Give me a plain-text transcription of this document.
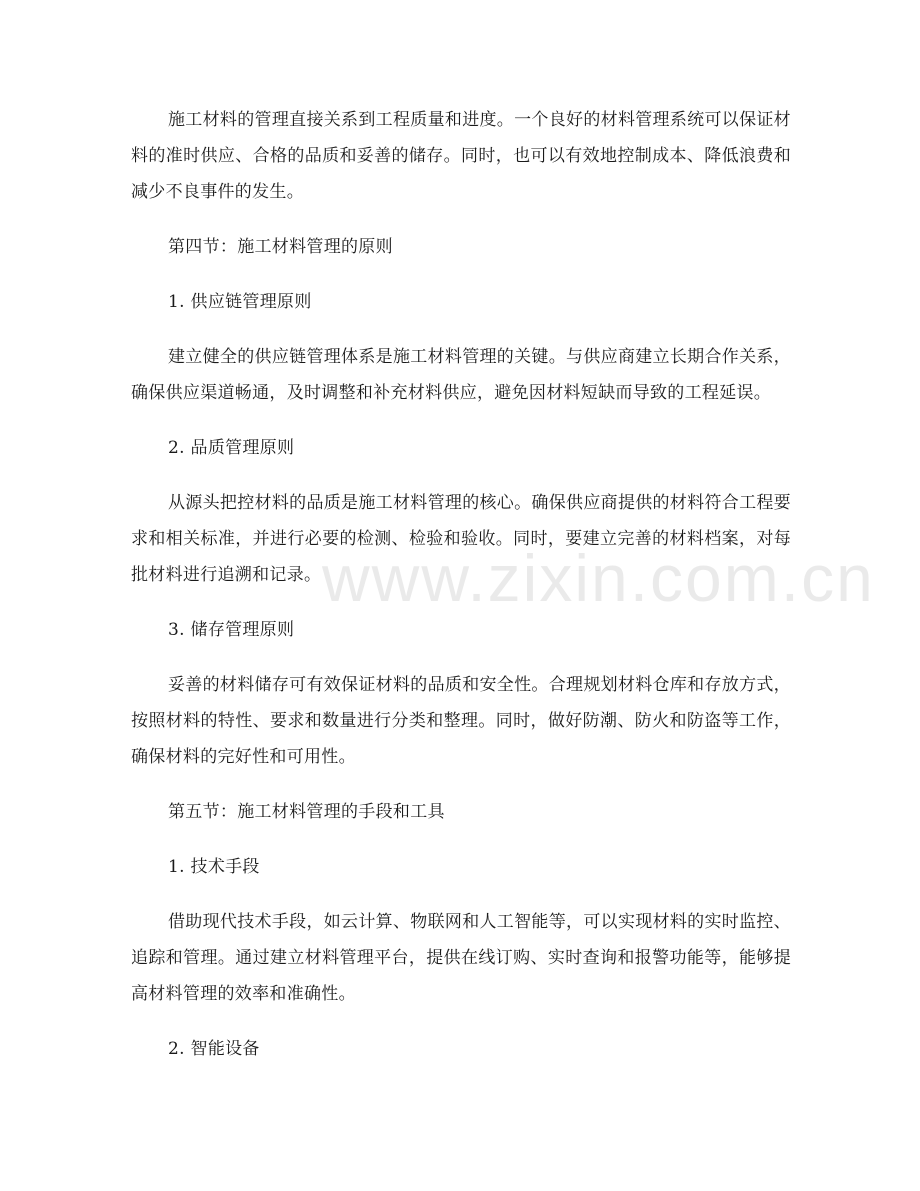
施工材料的管理直接关系到工程质量和进度。一个良好的材料管理系统可以保证材料的准时供应、合格的品质和妥善的储存。同时，也可以有效地控制成本、降低浪费和减少不良事件的发生。

第四节：施工材料管理的原则
1. 供应链管理原则

建立健全的供应链管理体系是施工材料管理的关键。与供应商建立长期合作关系，确保供应渠道畅通，及时调整和补充材料供应，避免因材料短缺而导致的工程延误。

2. 品质管理原则

从源头把控材料的品质是施工材料管理的核心。确保供应商提供的材料符合工程要求和相关标准，并进行必要的检测、检验和验收。同时，要建立完善的材料档案，对每批材料进行追溯和记录。

3. 储存管理原则

妥善的材料储存可有效保证材料的品质和安全性。合理规划材料仓库和存放方式，按照材料的特性、要求和数量进行分类和整理。同时，做好防潮、防火和防盗等工作，确保材料的完好性和可用性。

第五节：施工材料管理的手段和工具
1. 技术手段

借助现代技术手段，如云计算、物联网和人工智能等，可以实现材料的实时监控、追踪和管理。通过建立材料管理平台，提供在线订购、实时查询和报警功能等，能够提高材料管理的效率和准确性。

2. 智能设备
www.zixin.com.cn
